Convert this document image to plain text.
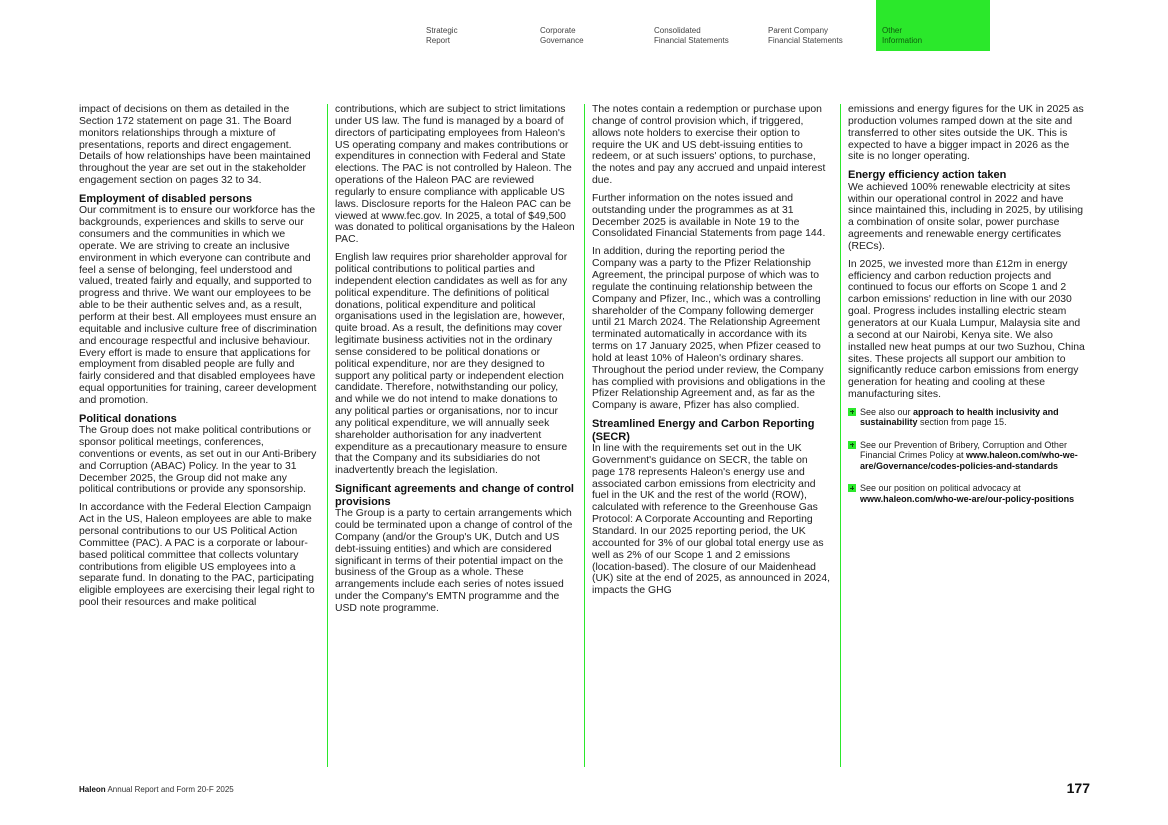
Strategic
Report
Corporate
Governance
Consolidated
Financial Statements
Parent Company
Financial Statements
Other
Information

impact of decisions on them as detailed in the Section 172 statement on page 31. The Board monitors relationships through a mixture of presentations, reports and direct engagement. Details of how relationships have been maintained throughout the year are set out in the stakeholder engagement section on pages 32 to 34.

Employment of disabled persons

Our commitment is to ensure our workforce has the backgrounds, experiences and skills to serve our consumers and the communities in which we operate. We are striving to create an inclusive environment in which everyone can contribute and feel a sense of belonging, feel understood and valued, treated fairly and equally, and supported to progress and thrive. We want our employees to be able to be their authentic selves and, as a result, perform at their best. All employees must ensure an equitable and inclusive culture free of discrimination and encourage respectful and inclusive behaviour. Every effort is made to ensure that applications for employment from disabled people are fully and fairly considered and that disabled employees have equal opportunities for training, career development and promotion.

Political donations

The Group does not make political contributions or sponsor political meetings, conferences, conventions or events, as set out in our Anti-Bribery and Corruption (ABAC) Policy. In the year to 31 December 2025, the Group did not make any political contributions or provide any sponsorship.

In accordance with the Federal Election Campaign Act in the US, Haleon employees are able to make personal contributions to our US Political Action Committee (PAC). A PAC is a corporate or labour-based political committee that collects voluntary contributions from eligible US employees into a separate fund. In donating to the PAC, participating eligible employees are exercising their legal right to pool their resources and make political

contributions, which are subject to strict limitations under US law. The fund is managed by a board of directors of participating employees from Haleon's US operating company and makes contributions or expenditures in connection with Federal and State elections. The PAC is not controlled by Haleon. The operations of the Haleon PAC are reviewed regularly to ensure compliance with applicable US laws. Disclosure reports for the Haleon PAC can be viewed at www.fec.gov. In 2025, a total of $49,500 was donated to political organisations by the Haleon PAC.

English law requires prior shareholder approval for political contributions to political parties and independent election candidates as well as for any political expenditure. The definitions of political donations, political expenditure and political organisations used in the legislation are, however, quite broad. As a result, the definitions may cover legitimate business activities not in the ordinary sense considered to be political donations or political expenditure, nor are they designed to support any political party or independent election candidate. Therefore, notwithstanding our policy, and while we do not intend to make donations to any political parties or organisations, nor to incur any political expenditure, we will annually seek shareholder authorisation for any inadvertent expenditure as a precautionary measure to ensure that the Company and its subsidiaries do not inadvertently breach the legislation.

Significant agreements and change of control provisions

The Group is a party to certain arrangements which could be terminated upon a change of control of the Company (and/or the Group's UK, Dutch and US debt-issuing entities) and which are considered significant in terms of their potential impact on the business of the Group as a whole. These arrangements include each series of notes issued under the Company's EMTN programme and the USD note programme.

The notes contain a redemption or purchase upon change of control provision which, if triggered, allows note holders to exercise their option to require the UK and US debt-issuing entities to redeem, or at such issuers' options, to purchase, the notes and pay any accrued and unpaid interest due.

Further information on the notes issued and outstanding under the programmes as at 31 December 2025 is available in Note 19 to the Consolidated Financial Statements from page 144.

In addition, during the reporting period the Company was a party to the Pfizer Relationship Agreement, the principal purpose of which was to regulate the continuing relationship between the Company and Pfizer, Inc., which was a controlling shareholder of the Company following demerger until 21 March 2024. The Relationship Agreement terminated automatically in accordance with its terms on 17 January 2025, when Pfizer ceased to hold at least 10% of Haleon's ordinary shares. Throughout the period under review, the Company has complied with provisions and obligations in the Pfizer Relationship Agreement and, as far as the Company is aware, Pfizer has also complied.

Streamlined Energy and Carbon Reporting (SECR)

In line with the requirements set out in the UK Government's guidance on SECR, the table on page 178 represents Haleon's energy use and associated carbon emissions from electricity and fuel in the UK and the rest of the world (ROW), calculated with reference to the Greenhouse Gas Protocol: A Corporate Accounting and Reporting Standard. In our 2025 reporting period, the UK accounted for 3% of our global total energy use as well as 2% of our Scope 1 and 2 emissions (location-based). The closure of our Maidenhead (UK) site at the end of 2025, as announced in 2024, impacts the GHG

emissions and energy figures for the UK in 2025 as production volumes ramped down at the site and transferred to other sites outside the UK. This is expected to have a bigger impact in 2026 as the site is no longer operating.

Energy efficiency action taken

We achieved 100% renewable electricity at sites within our operational control in 2022 and have since maintained this, including in 2025, by utilising a combination of onsite solar, power purchase agreements and renewable energy certificates (RECs).

In 2025, we invested more than £12m in energy efficiency and carbon reduction projects and continued to focus our efforts on Scope 1 and 2 carbon emissions' reduction in line with our 2030 goal. Progress includes installing electric steam generators at our Kuala Lumpur, Malaysia site and a second at our Nairobi, Kenya site. We also installed new heat pumps at our two Suzhou, China sites. These projects all support our ambition to significantly reduce carbon emissions from energy generation for heating and cooling at these manufacturing sites.

See also our approach to health inclusivity and sustainability section from page 15.
See our Prevention of Bribery, Corruption and Other Financial Crimes Policy at www.haleon.com/who-we-are/Governance/codes-policies-and-standards
See our position on political advocacy at www.haleon.com/who-we-are/our-policy-positions
Haleon Annual Report and Form 20-F 2025	177
